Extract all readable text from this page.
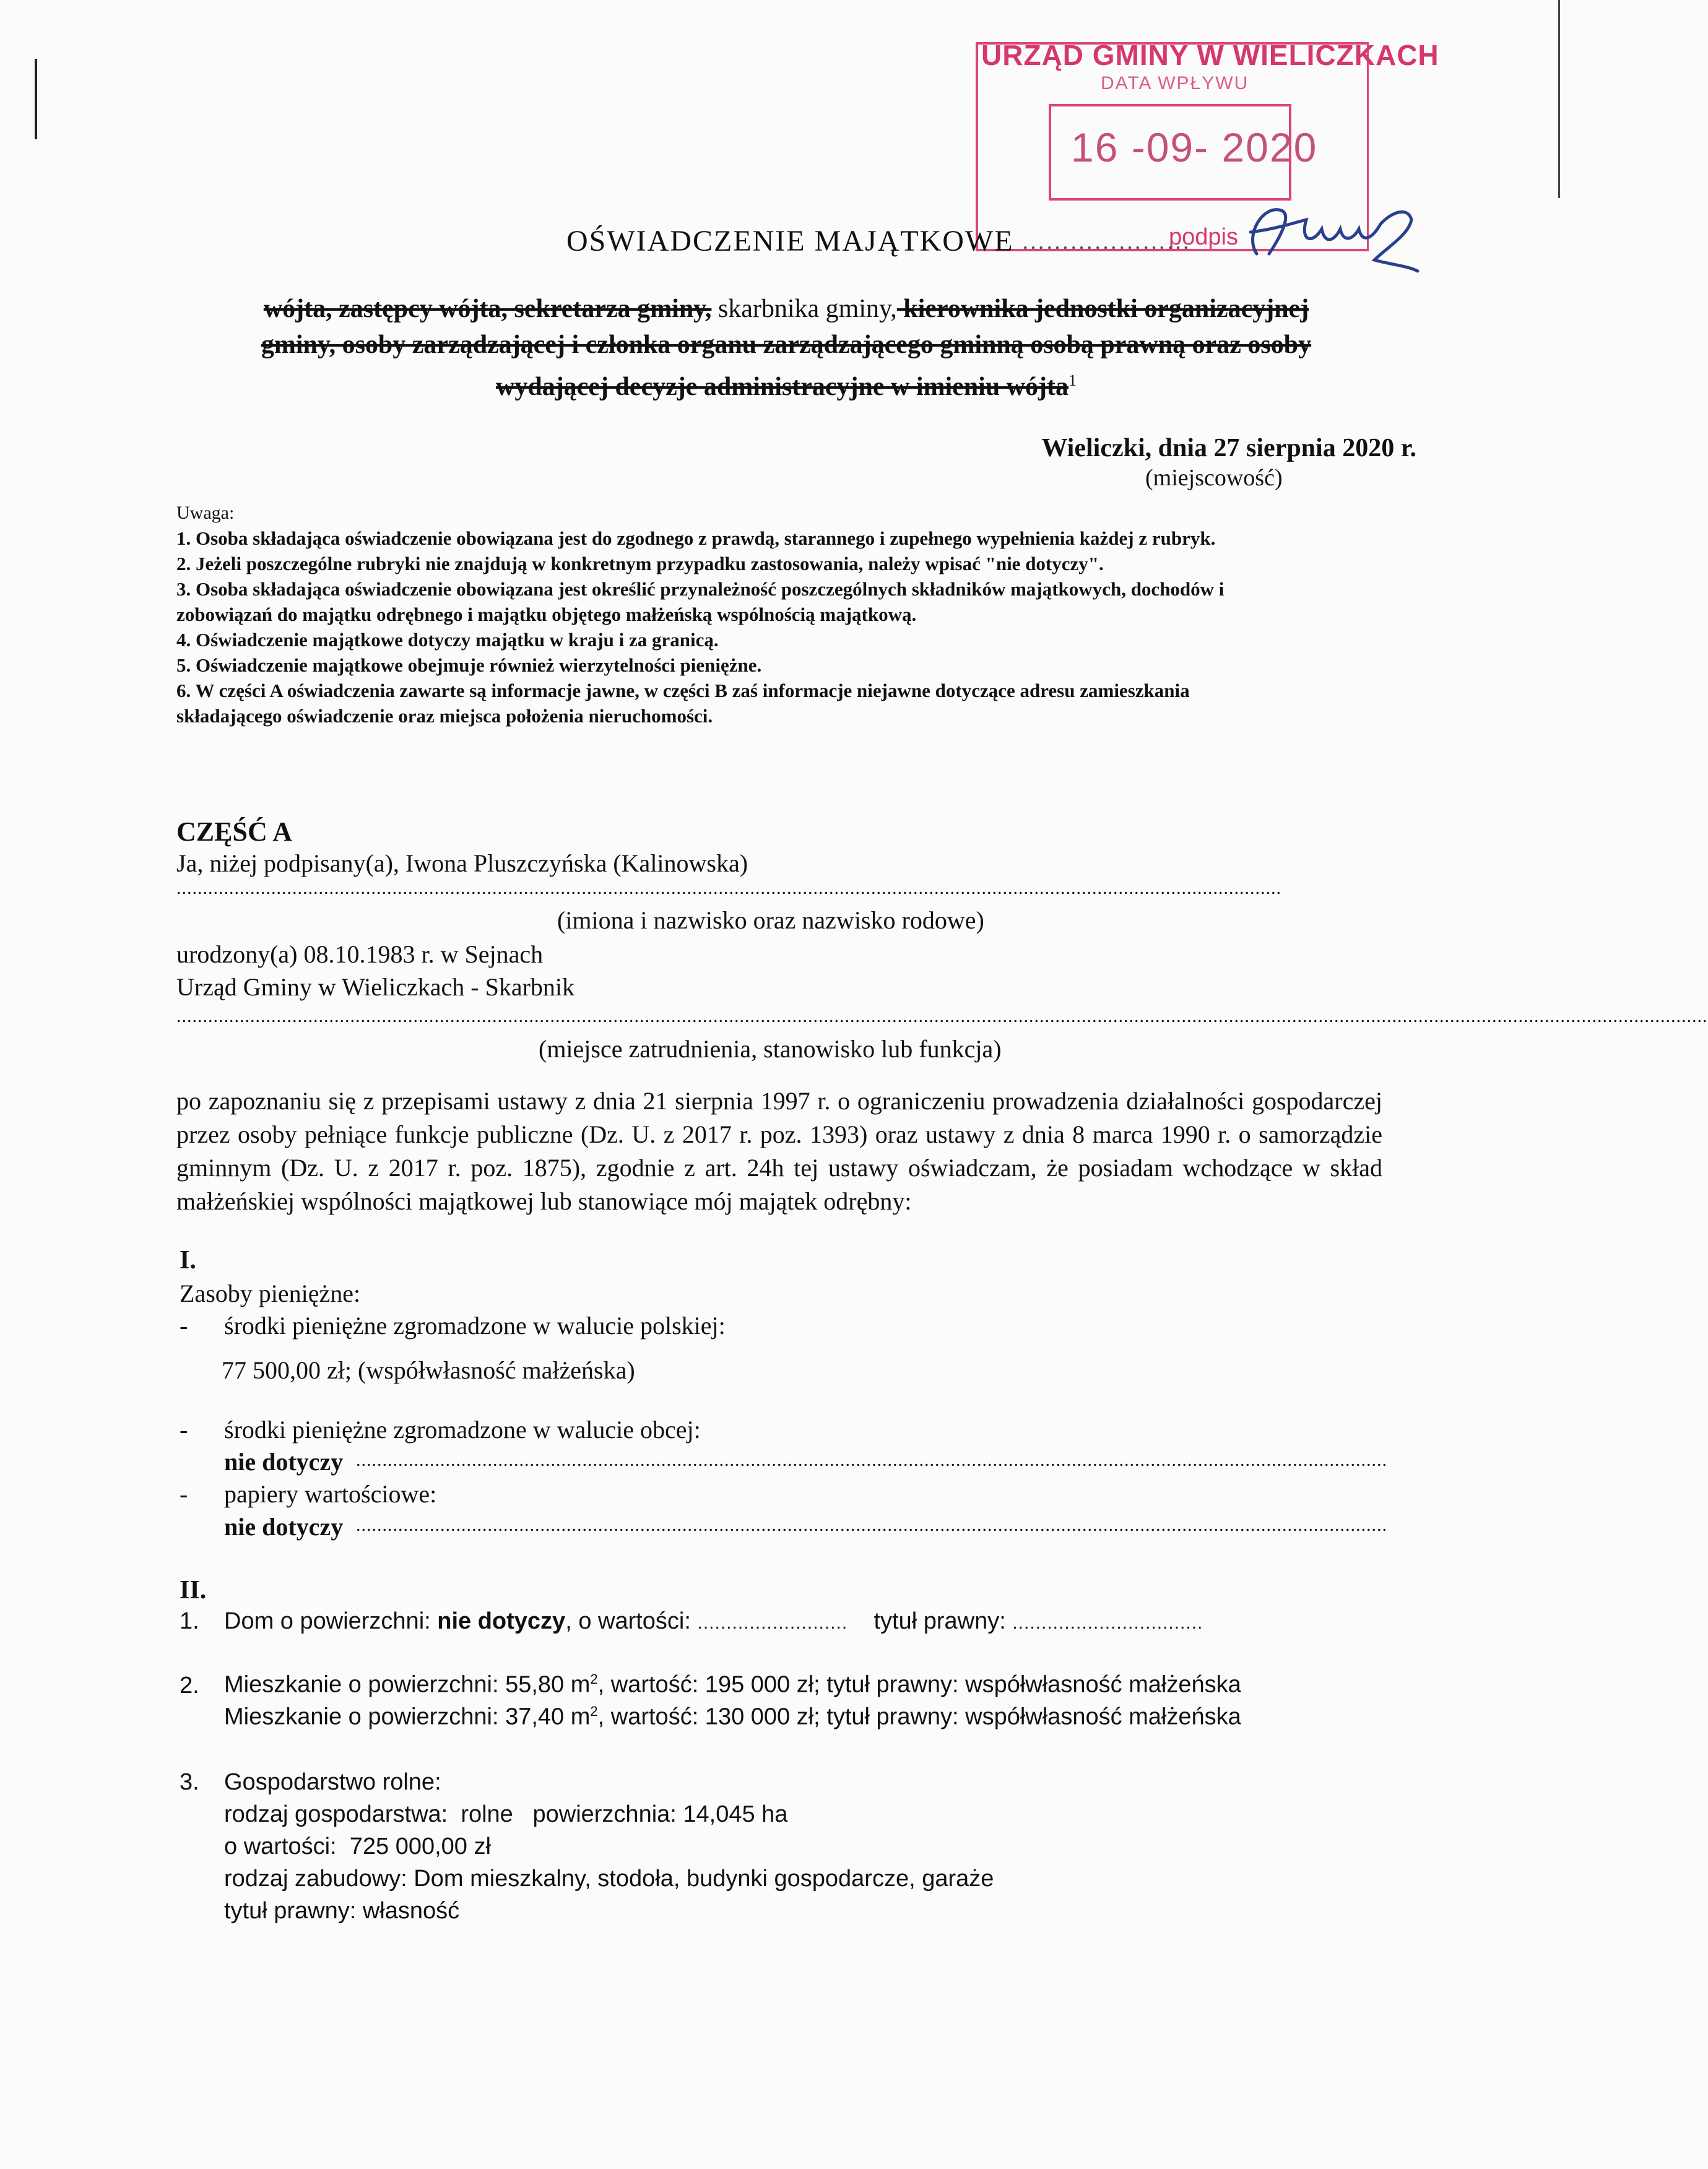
URZĄD GMINY W WIELICZKACH
DATA WPŁYWU
16 -09- 2020
podpis
OŚWIADCZENIE MAJĄTKOWE …………………
wójta, zastępcy wójta, sekretarza gminy, skarbnika gminy, kierownika jednostki organizacyjnej
gminy, osoby zarządzającej i członka organu zarządzającego gminną osobą prawną oraz osoby
wydającej decyzje administracyjne w imieniu wójta$^1$
Wieliczki, dnia 27 sierpnia 2020 r.
(miejscowość)
Uwaga:
1. Osoba składająca oświadczenie obowiązana jest do zgodnego z prawdą, starannego i zupełnego wypełnienia każdej z rubryk.
2. Jeżeli poszczególne rubryki nie znajdują w konkretnym przypadku zastosowania, należy wpisać "nie dotyczy".
3. Osoba składająca oświadczenie obowiązana jest określić przynależność poszczególnych składników majątkowych, dochodów i zobowiązań do majątku odrębnego i majątku objętego małżeńską wspólnością majątkową.
4. Oświadczenie majątkowe dotyczy majątku w kraju i za granicą.
5. Oświadczenie majątkowe obejmuje również wierzytelności pieniężne.
6. W części A oświadczenia zawarte są informacje jawne, w części B zaś informacje niejawne dotyczące adresu zamieszkania składającego oświadczenie oraz miejsca położenia nieruchomości.
CZĘŚĆ A
Ja, niżej podpisany(a), Iwona Pluszczyńska (Kalinowska)
..................................................................................................................................................................................................................
(imiona i nazwisko oraz nazwisko rodowe)
urodzony(a) 08.10.1983 r. w Sejnach
Urząd Gminy w Wieliczkach - Skarbnik
...................................................................................................................................................................................................................................................................................................
(miejsce zatrudnienia, stanowisko lub funkcja)
po zapoznaniu się z przepisami ustawy z dnia 21 sierpnia 1997 r. o ograniczeniu prowadzenia działalności gospodarczej przez osoby pełniące funkcje publiczne (Dz. U. z 2017 r. poz. 1393) oraz ustawy z dnia 8 marca 1990 r. o samorządzie gminnym (Dz. U. z 2017 r. poz. 1875), zgodnie z art. 24h tej ustawy oświadczam, że posiadam wchodzące w skład małżeńskiej wspólności majątkowej lub stanowiące mój majątek odrębny:
I.
Zasoby pieniężne:
- środki pieniężne zgromadzone w walucie polskiej:
77 500,00 zł; (współwłasność małżeńska)
- środki pieniężne zgromadzone w walucie obcej:
nie dotyczy ....................................................................................................................................................................................................
- papiery wartościowe:
nie dotyczy ....................................................................................................................................................................................................
II.
1. Dom o powierzchni: nie dotyczy, o wartości: .......................... tytuł prawny: .................................
2. Mieszkanie o powierzchni: 55,80 $m^2$, wartość: 195 000 zł; tytuł prawny: współwłasność małżeńska
Mieszkanie o powierzchni: 37,40 $m^2$, wartość: 130 000 zł; tytuł prawny: współwłasność małżeńska
3. Gospodarstwo rolne:
rodzaj gospodarstwa:  rolne   powierzchnia: 14,045 ha
o wartości:  725 000,00 zł
rodzaj zabudowy: Dom mieszkalny, stodoła, budynki gospodarcze, garaże
tytuł prawny: własność
